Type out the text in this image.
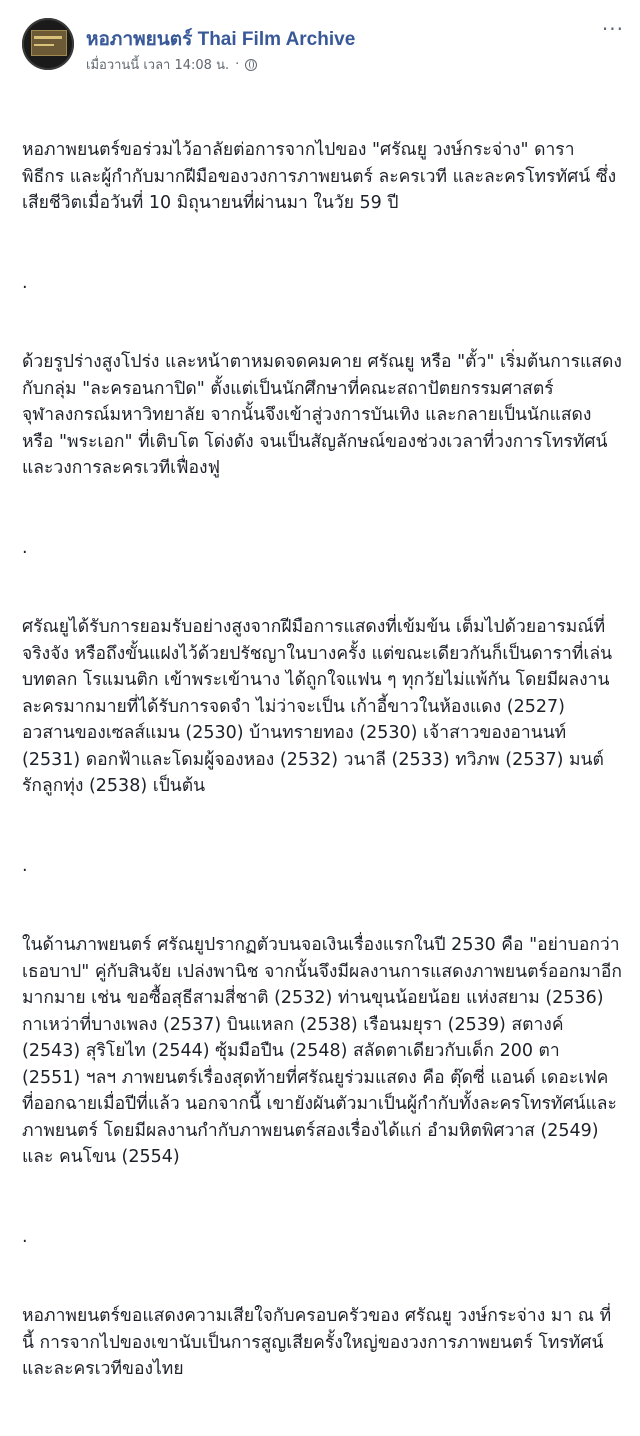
หอภาพยนตร์ Thai Film Archive
เมื่อวานนี้ เวลา 14:08 น. ·
···

หอภาพยนตร์ขอร่วมไว้อาลัยต่อการจากไปของ "ศรัณยู วงษ์กระจ่าง" ดารา พิธีกร และผู้กำกับมากฝีมือของวงการภาพยนตร์ ละครเวที และละครโทรทัศน์ ซึ่งเสียชีวิตเมื่อวันที่ 10 มิถุนายนที่ผ่านมา ในวัย 59 ปี

.

ด้วยรูปร่างสูงโปร่ง และหน้าตาหมดจดคมคาย ศรัณยู หรือ "ตั้ว" เริ่มต้นการแสดงกับกลุ่ม "ละครอนกาปิด" ตั้งแต่เป็นนักศึกษาที่คณะสถาปัตยกรรมศาสตร์ จุฬาลงกรณ์มหาวิทยาลัย จากนั้นจึงเข้าสู่วงการบันเทิง และกลายเป็นนักแสดง หรือ "พระเอก" ที่เติบโต โด่งดัง จนเป็นสัญลักษณ์ของช่วงเวลาที่วงการโทรทัศน์และวงการละครเวทีเฟื่องฟู

.

ศรัณยูได้รับการยอมรับอย่างสูงจากฝีมือการแสดงที่เข้มข้น เต็มไปด้วยอารมณ์ที่จริงจัง หรือถึงขั้นแฝงไว้ด้วยปรัชญาในบางครั้ง แต่ขณะเดียวกันก็เป็นดาราที่เล่นบทตลก โรแมนติก เข้าพระเข้านาง ได้ถูกใจแฟน ๆ ทุกวัยไม่แพ้กัน โดยมีผลงานละครมากมายที่ได้รับการจดจำ ไม่ว่าจะเป็น เก้าอี้ขาวในห้องแดง (2527) อวสานของเซลส์แมน (2530) บ้านทรายทอง (2530) เจ้าสาวของอานนท์ (2531) ดอกฟ้าและโดมผู้จองหอง (2532) วนาลี (2533) ทวิภพ (2537) มนต์รักลูกทุ่ง (2538) เป็นต้น

.

ในด้านภาพยนตร์ ศรัณยูปรากฏตัวบนจอเงินเรื่องแรกในปี 2530 คือ "อย่าบอกว่าเธอบาป" คู่กับสินจัย เปล่งพานิช จากนั้นจึงมีผลงานการแสดงภาพยนตร์ออกมาอีกมากมาย เช่น ขอซื้อสุธีสามสี่ชาติ (2532) ท่านขุนน้อยน้อย แห่งสยาม (2536) กาเหว่าที่บางเพลง (2537) บินแหลก (2538) เรือนมยุรา (2539) สตางค์ (2543) สุริโยไท (2544) ซุ้มมือปืน (2548) สลัดตาเดียวกับเด็ก 200 ตา (2551) ฯลฯ ภาพยนตร์เรื่องสุดท้ายที่ศรัณยูร่วมแสดง คือ ตุ๊ดซี่ แอนด์ เดอะเฟค ที่ออกฉายเมื่อปีที่แล้ว นอกจากนี้ เขายังผันตัวมาเป็นผู้กำกับทั้งละครโทรทัศน์และภาพยนตร์ โดยมีผลงานกำกับภาพยนตร์สองเรื่องได้แก่ อำมหิตพิศวาส (2549) และ คนโขน (2554)

.

หอภาพยนตร์ขอแสดงความเสียใจกับครอบครัวของ ศรัณยู วงษ์กระจ่าง มา ณ ที่นี้ การจากไปของเขานับเป็นการสูญเสียครั้งใหญ่ของวงการภาพยนตร์ โทรทัศน์ และละครเวทีของไทย
